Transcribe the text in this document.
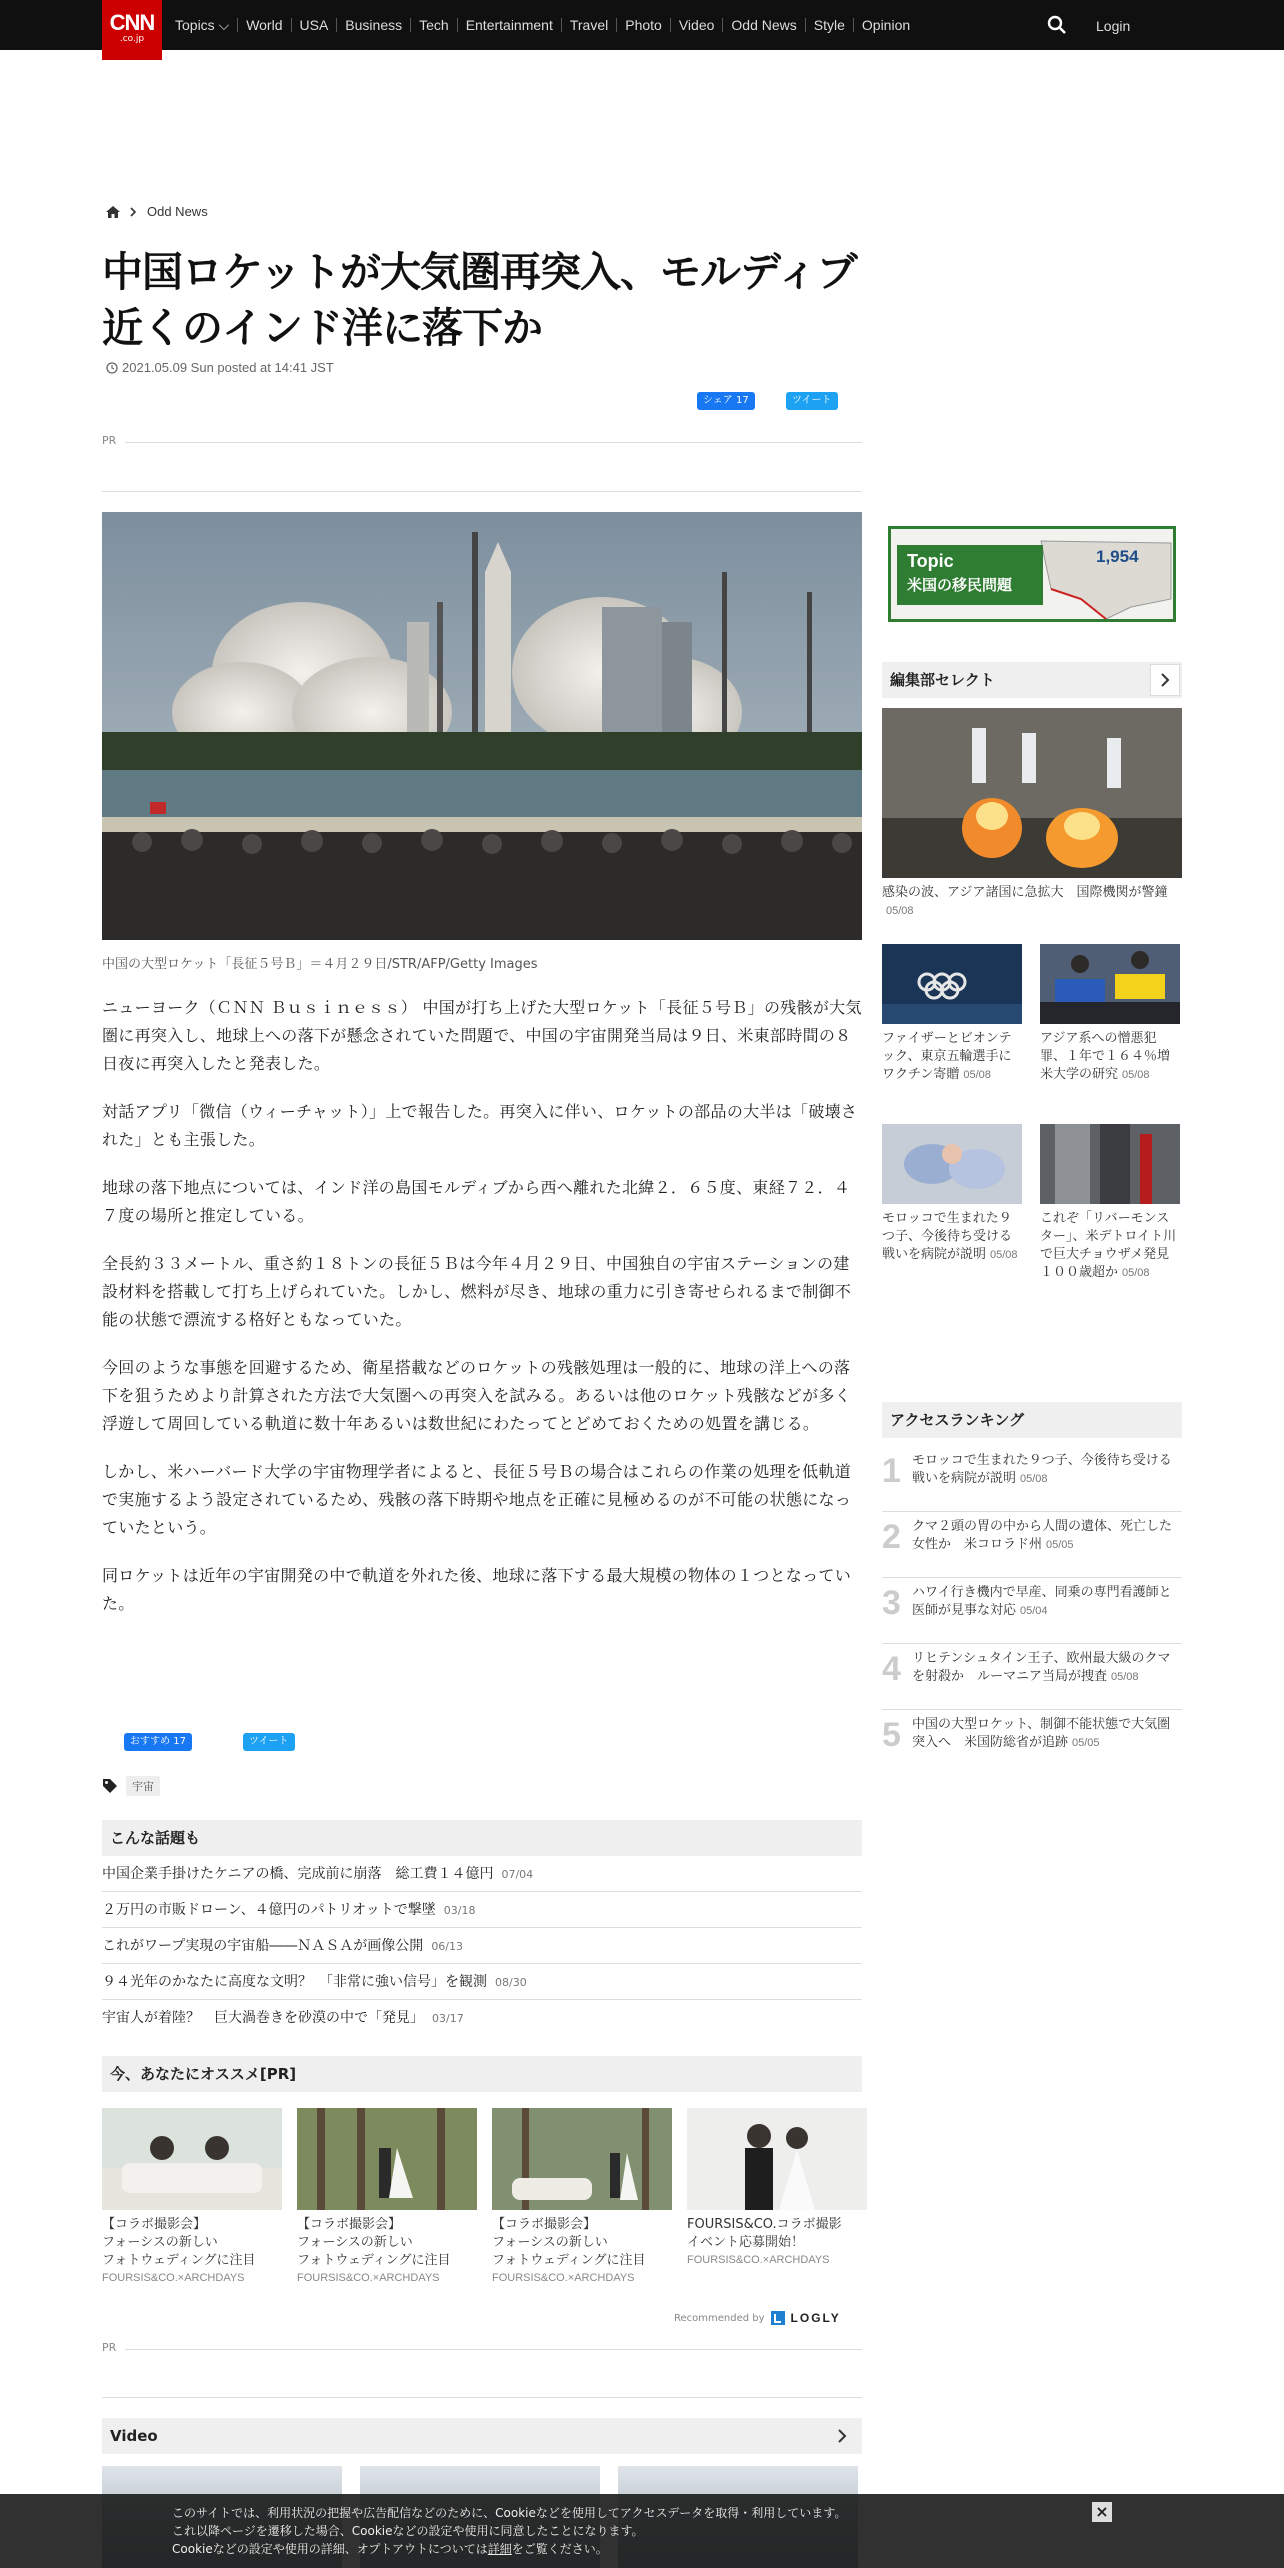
Topics ⌵ World USA Business Tech Entertainment Travel Photo Video Odd News Style Opinion	Login
CNN
.co.jp
Odd News
中国ロケットが大気圏再突入、モルディブ近くのインド洋に落下か
2021.05.09 Sun posted at 14:41 JST
シェア 17	ツイート
PR
中国の大型ロケット「長征５号Ｂ」＝４月２９日/STR/AFP/Getty Images

ニューヨーク（ＣＮＮ Ｂｕｓｉｎｅｓｓ） 中国が打ち上げた大型ロケット「長征５号Ｂ」の残骸が大気圏に再突入し、地球上への落下が懸念されていた問題で、中国の宇宙開発当局は９日、米東部時間の８日夜に再突入したと発表した。

対話アプリ「微信（ウィーチャット）」上で報告した。再突入に伴い、ロケットの部品の大半は「破壊された」とも主張した。

地球の落下地点については、インド洋の島国モルディブから西へ離れた北緯２．６５度、東経７２．４７度の場所と推定している。

全長約３３メートル、重さ約１８トンの長征５Ｂは今年４月２９日、中国独自の宇宙ステーションの建設材料を搭載して打ち上げられていた。しかし、燃料が尽き、地球の重力に引き寄せられるまで制御不能の状態で漂流する格好ともなっていた。

今回のような事態を回避するため、衛星搭載などのロケットの残骸処理は一般的に、地球の洋上への落下を狙うためより計算された方法で大気圏への再突入を試みる。あるいは他のロケット残骸などが多く浮遊して周回している軌道に数十年あるいは数世紀にわたってとどめておくための処置を講じる。

しかし、米ハーバード大学の宇宙物理学者によると、長征５号Ｂの場合はこれらの作業の処理を低軌道で実施するよう設定されているため、残骸の落下時期や地点を正確に見極めるのが不可能の状態になっていたという。

同ロケットは近年の宇宙開発の中で軌道を外れた後、地球に落下する最大規模の物体の１つとなっていた。

おすすめ 17	ツイート
宇宙
こんな話題も
中国企業手掛けたケニアの橋、完成前に崩落　総工費１４億円 07/04
２万円の市販ドローン、４億円のパトリオットで撃墜 03/18
これがワープ実現の宇宙船――ＮＡＳＡが画像公開 06/13
９４光年のかなたに高度な文明？　「非常に強い信号」を観測 08/30
宇宙人が着陸？　巨大渦巻きを砂漠の中で「発見」 03/17
今、あなたにオススメ[PR]
【コラボ撮影会】
フォーシスの新しい
フォトウェディングに注目
FOURSIS&CO.×ARCHDAYS
【コラボ撮影会】
フォーシスの新しい
フォトウェディングに注目
FOURSIS&CO.×ARCHDAYS
【コラボ撮影会】
フォーシスの新しい
フォトウェディングに注目
FOURSIS&CO.×ARCHDAYS
FOURSIS&CO.コラボ撮影
イベント応募開始！
FOURSIS&CO.×ARCHDAYS
Recommended by LOGLY
PR
Video
Topic
米国の移民問題
1,954
編集部セレクト
感染の波、アジア諸国に急拡大　国際機関が警鐘05/08
ファイザーとビオンテック、東京五輪選手にワクチン寄贈 05/08
アジア系への憎悪犯罪、１年で１６４％増　米大学の研究 05/08
モロッコで生まれた９つ子、今後待ち受ける戦いを病院が説明 05/08
これぞ「リバーモンスター」、米デトロイト川で巨大チョウザメ発見　１００歳超か 05/08
アクセスランキング
1 モロッコで生まれた９つ子、今後待ち受ける戦いを病院が説明 05/08
2 クマ２頭の胃の中から人間の遺体、死亡した女性か　米コロラド州 05/05
3 ハワイ行き機内で早産、同乗の専門看護師と医師が見事な対応 05/04
4 リヒテンシュタイン王子、欧州最大級のクマを射殺か　ルーマニア当局が捜査 05/08
5 中国の大型ロケット、制御不能状態で大気圏突入へ　米国防総省が追跡 05/05
このサイトでは、利用状況の把握や広告配信などのために、Cookieなどを使用してアクセスデータを取得・利用しています。
これ以降ページを遷移した場合、Cookieなどの設定や使用に同意したことになります。
Cookieなどの設定や使用の詳細、オプトアウトについては詳細をご覧ください。
×
